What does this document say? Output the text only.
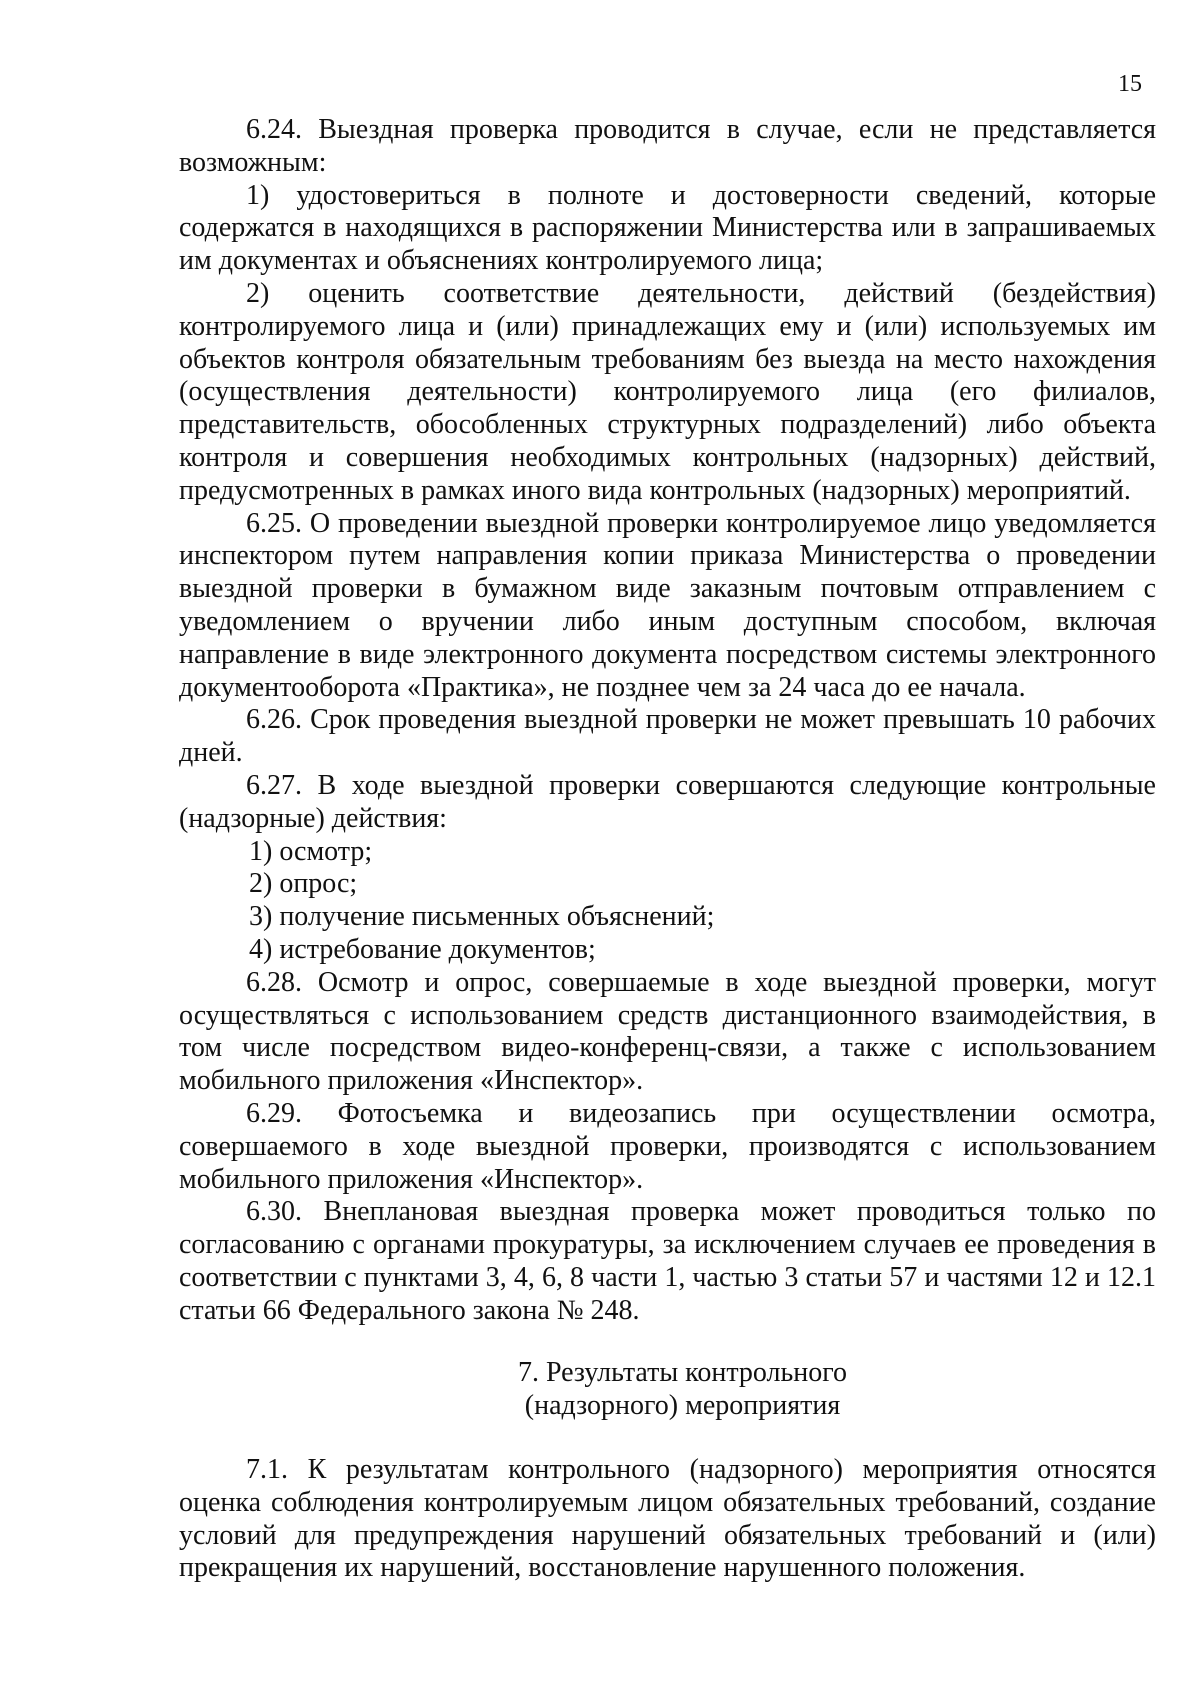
15

6.24. Выездная проверка проводится в случае, если не представляется возможным:

1) удостовериться в полноте и достоверности сведений, которые содержатся в находящихся в распоряжении Министерства или в запрашиваемых им документах и объяснениях контролируемого лица;

2) оценить соответствие деятельности, действий (бездействия) контролируемого лица и (или) принадлежащих ему и (или) используемых им объектов контроля обязательным требованиям без выезда на место нахождения (осуществления деятельности) контролируемого лица (его филиалов, представительств, обособленных структурных подразделений) либо объекта контроля и совершения необходимых контрольных (надзорных) действий, предусмотренных в рамках иного вида контрольных (надзорных) мероприятий.

6.25. О проведении выездной проверки контролируемое лицо уведомляется инспектором путем направления копии приказа Министерства о проведении выездной проверки в бумажном виде заказным почтовым отправлением с уведомлением о вручении либо иным доступным способом, включая направление в виде электронного документа посредством системы электронного документооборота «Практика», не позднее чем за 24 часа до ее начала.

6.26. Срок проведения выездной проверки не может превышать 10 рабочих дней.

6.27. В ходе выездной проверки совершаются следующие контрольные (надзорные) действия:

1) осмотр;

2) опрос;

3) получение письменных объяснений;

4) истребование документов;

6.28. Осмотр и опрос, совершаемые в ходе выездной проверки, могут осуществляться с использованием средств дистанционного взаимодействия, в том числе посредством видео-конференц-связи, а также с использованием мобильного приложения «Инспектор».

6.29. Фотосъемка и видеозапись при осуществлении осмотра, совершаемого в ходе выездной проверки, производятся с использованием мобильного приложения «Инспектор».

6.30. Внеплановая выездная проверка может проводиться только по согласованию с органами прокуратуры, за исключением случаев ее проведения в соответствии с пунктами 3, 4, 6, 8 части 1, частью 3 статьи 57 и частями 12 и 12.1 статьи 66 Федерального закона № 248.

7. Результаты контрольного
(надзорного) мероприятия

7.1. К результатам контрольного (надзорного) мероприятия относятся оценка соблюдения контролируемым лицом обязательных требований, создание условий для предупреждения нарушений обязательных требований и (или) прекращения их нарушений, восстановление нарушенного положения.
